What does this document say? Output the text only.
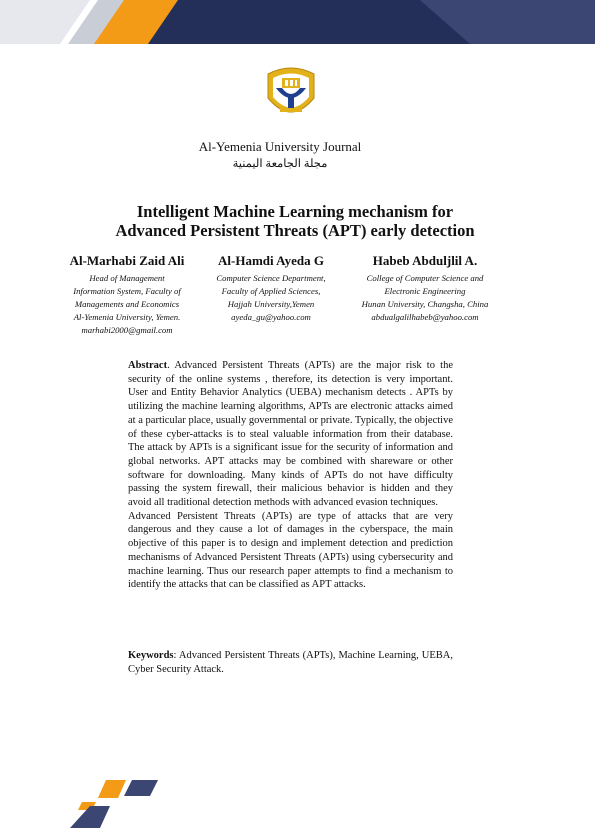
Al-Yemenia University Journal
مجلة الجامعة اليمنية
Intelligent Machine Learning mechanism for
Advanced Persistent Threats (APT) early detection
Al-Marhabi Zaid Ali
Head of Management
Information System, Faculty of
Managements and Economics
Al-Yemenia University, Yemen.
marhabi2000@gmail.com
Al-Hamdi Ayeda G
Computer Science Department,
Faculty of Applied Sciences,
Hajjah University,Yemen
ayeda_gu@yahoo.com
Habeb Abduljlil A.
College of Computer Science and
Electronic Engineering
Hunan University, Changsha, China
abdualgalilhabeb@yahoo.com

Abstract. Advanced Persistent Threats (APTs) are the major risk to the security of the online systems , therefore, its detection is very important. User and Entity Behavior Analytics (UEBA) mechanism detects . APTs by utilizing the machine learning algorithms, APTs are electronic attacks aimed at a particular place, usually governmental or private. Typically, the objective of these cyber-attacks is to steal valuable information from their database. The attack by APTs is a significant issue for the security of information and global networks. APT attacks may be combined with shareware or other software for downloading. Many kinds of APTs do not have difficulty passing the system firewall, their malicious behavior is hidden and they avoid all traditional detection methods with advanced evasion techniques.

Advanced Persistent Threats (APTs) are type of attacks that are very dangerous and they cause a lot of damages in the cyberspace, the main objective of this paper is to design and implement detection and prediction mechanisms of Advanced Persistent Threats (APTs) using cybersecurity and machine learning. Thus our research paper attempts to find a mechanism to identify the attacks that can be classified as APT attacks.

Keywords: Advanced Persistent Threats (APTs), Machine Learning, UEBA, Cyber Security Attack.
